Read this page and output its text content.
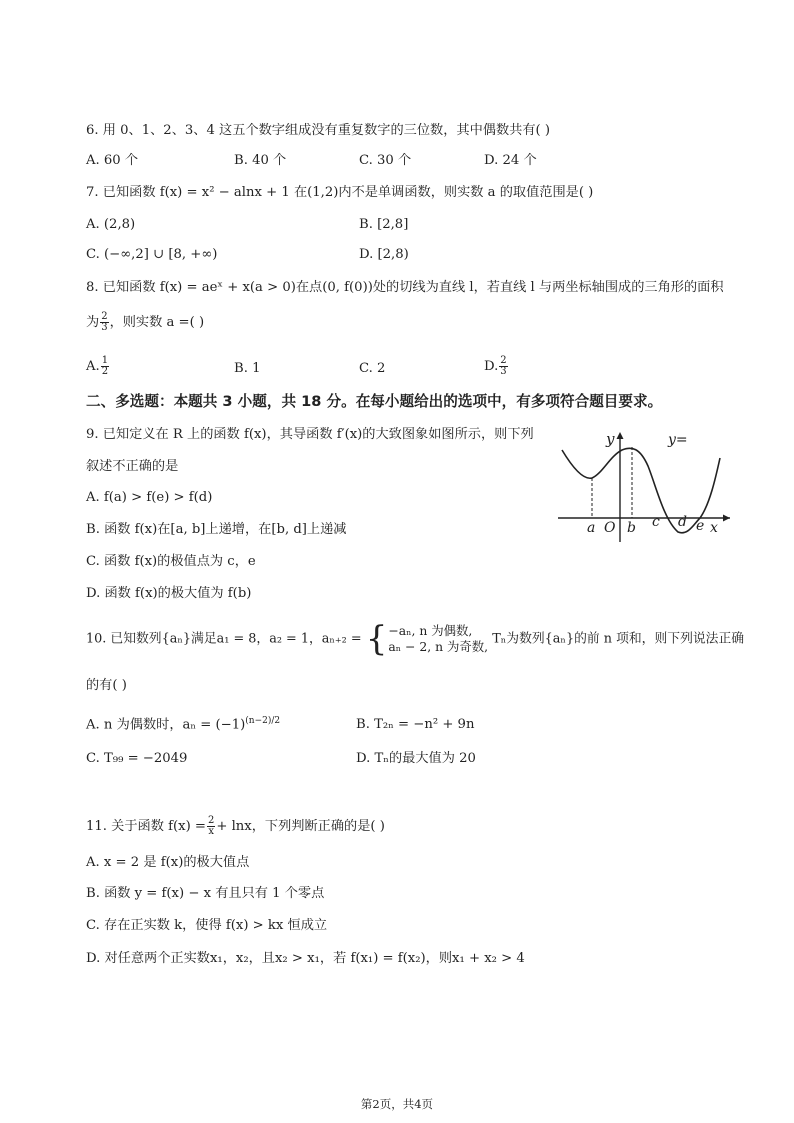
6. 用 0、1、2、3、4 这五个数字组成没有重复数字的三位数，其中偶数共有( )
A. 60 个	B. 40 个	C. 30 个	D. 24 个
7. 已知函数 f(x) = x² − alnx + 1 在(1,2)内不是单调函数，则实数 a 的取值范围是( )
A. (2,8)	B. [2,8]
C. (−∞,2] ∪ [8, +∞)	D. [2,8)
8. 已知函数 f(x) = aeˣ + x(a > 0)在点(0, f(0))处的切线为直线 l，若直线 l 与两坐标轴围成的三角形的面积
为 $\frac{2}{3}$ ，则实数 a =( )
A. $\frac{1}{2}$	B. 1	C. 2	D. $\frac{2}{3}$
二、多选题：本题共 3 小题，共 18 分。在每小题给出的选项中，有多项符合题目要求。
9. 已知定义在 R 上的函数 f(x)，其导函数 f′(x)的大致图象如图所示，则下列
叙述不正确的是
A. f(a) > f(e) > f(d)
B. 函数 f(x)在[a, b]上递增，在[b, d]上递减
C. 函数 f(x)的极值点为 c，e
D. 函数 f(x)的极大值为 f(b)
y	y=
x
O
a b c d e
10. 已知数列{aₙ}满足a₁ = 8，a₂ = 1，aₙ₊₂ = { −aₙ, n 为偶数,
aₙ − 2, n 为奇数, Tₙ为数列{aₙ}的前 n 项和，则下列说法正确
的有( )
A. n 为偶数时，$a_n = (-1)^{(n-2)/2}$	B. T₂ₙ = −n² + 9n
C. T₉₉ = −2049	D. Tₙ的最大值为 20
11. 关于函数 $f(x) = \frac{2}{x} + \ln x$，下列判断正确的是( )
A. x = 2 是 f(x)的极大值点
B. 函数 y = f(x) − x 有且只有 1 个零点
C. 存在正实数 k，使得 f(x) > kx 恒成立
D. 对任意两个正实数x₁，x₂，且x₂ > x₁，若 f(x₁) = f(x₂)，则x₁ + x₂ > 4
第2页，共4页
